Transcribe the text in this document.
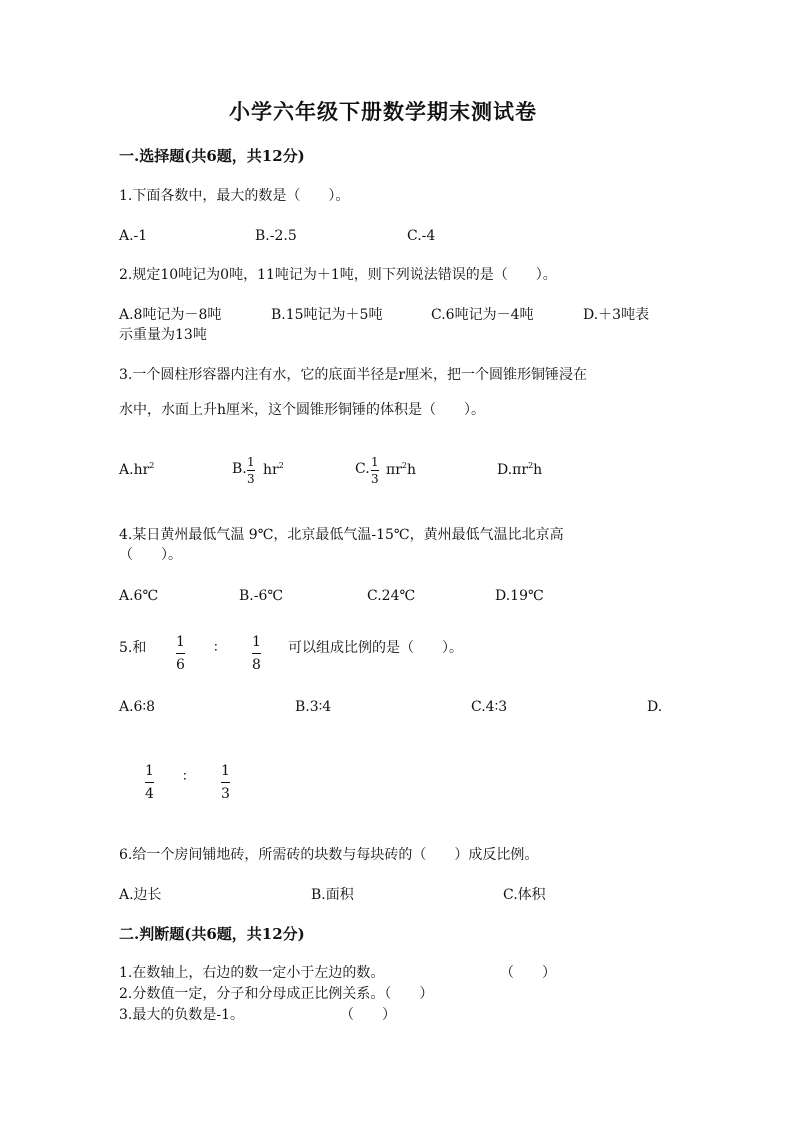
小学六年级下册数学期末测试卷
一.选择题(共6题，共12分)
1.下面各数中，最大的数是（　　）。
A.-1	B.-2.5	C.-4
2.规定10吨记为0吨，11吨记为＋1吨，则下列说法错误的是（　　）。
A.8吨记为－8吨	B.15吨记为＋5吨	C.6吨记为－4吨	D.＋3吨表
示重量为13吨
3.一个圆柱形容器内注有水，它的底面半径是r厘米，把一个圆锥形铜锤浸在
水中，水面上升h厘米，这个圆锥形铜锤的体积是（　　）。
$A.hr^2$	B. 1
3
$hr^2$	C. 1
3
$\pi r^2h$	$D.\pi r^2h$
4.某日黄州最低气温 9℃，北京最低气温-15℃，黄州最低气温比北京高
（　　）。
A.6℃	B.-6℃	C.24℃	D.19℃
5.和 1
6
∶ 1
8
可以组成比例的是（　　）。
A.6∶8	B.3∶4	C.4∶3	D.
1
4
∶ 1
3
6.给一个房间铺地砖，所需砖的块数与每块砖的（　　）成反比例。
A.边长	B.面积	C.体积
二.判断题(共6题，共12分)
1.在数轴上，右边的数一定小于左边的数。	（　　）
2.分数值一定，分子和分母成正比例关系。（　　）
3.最大的负数是-1。	（　　）
